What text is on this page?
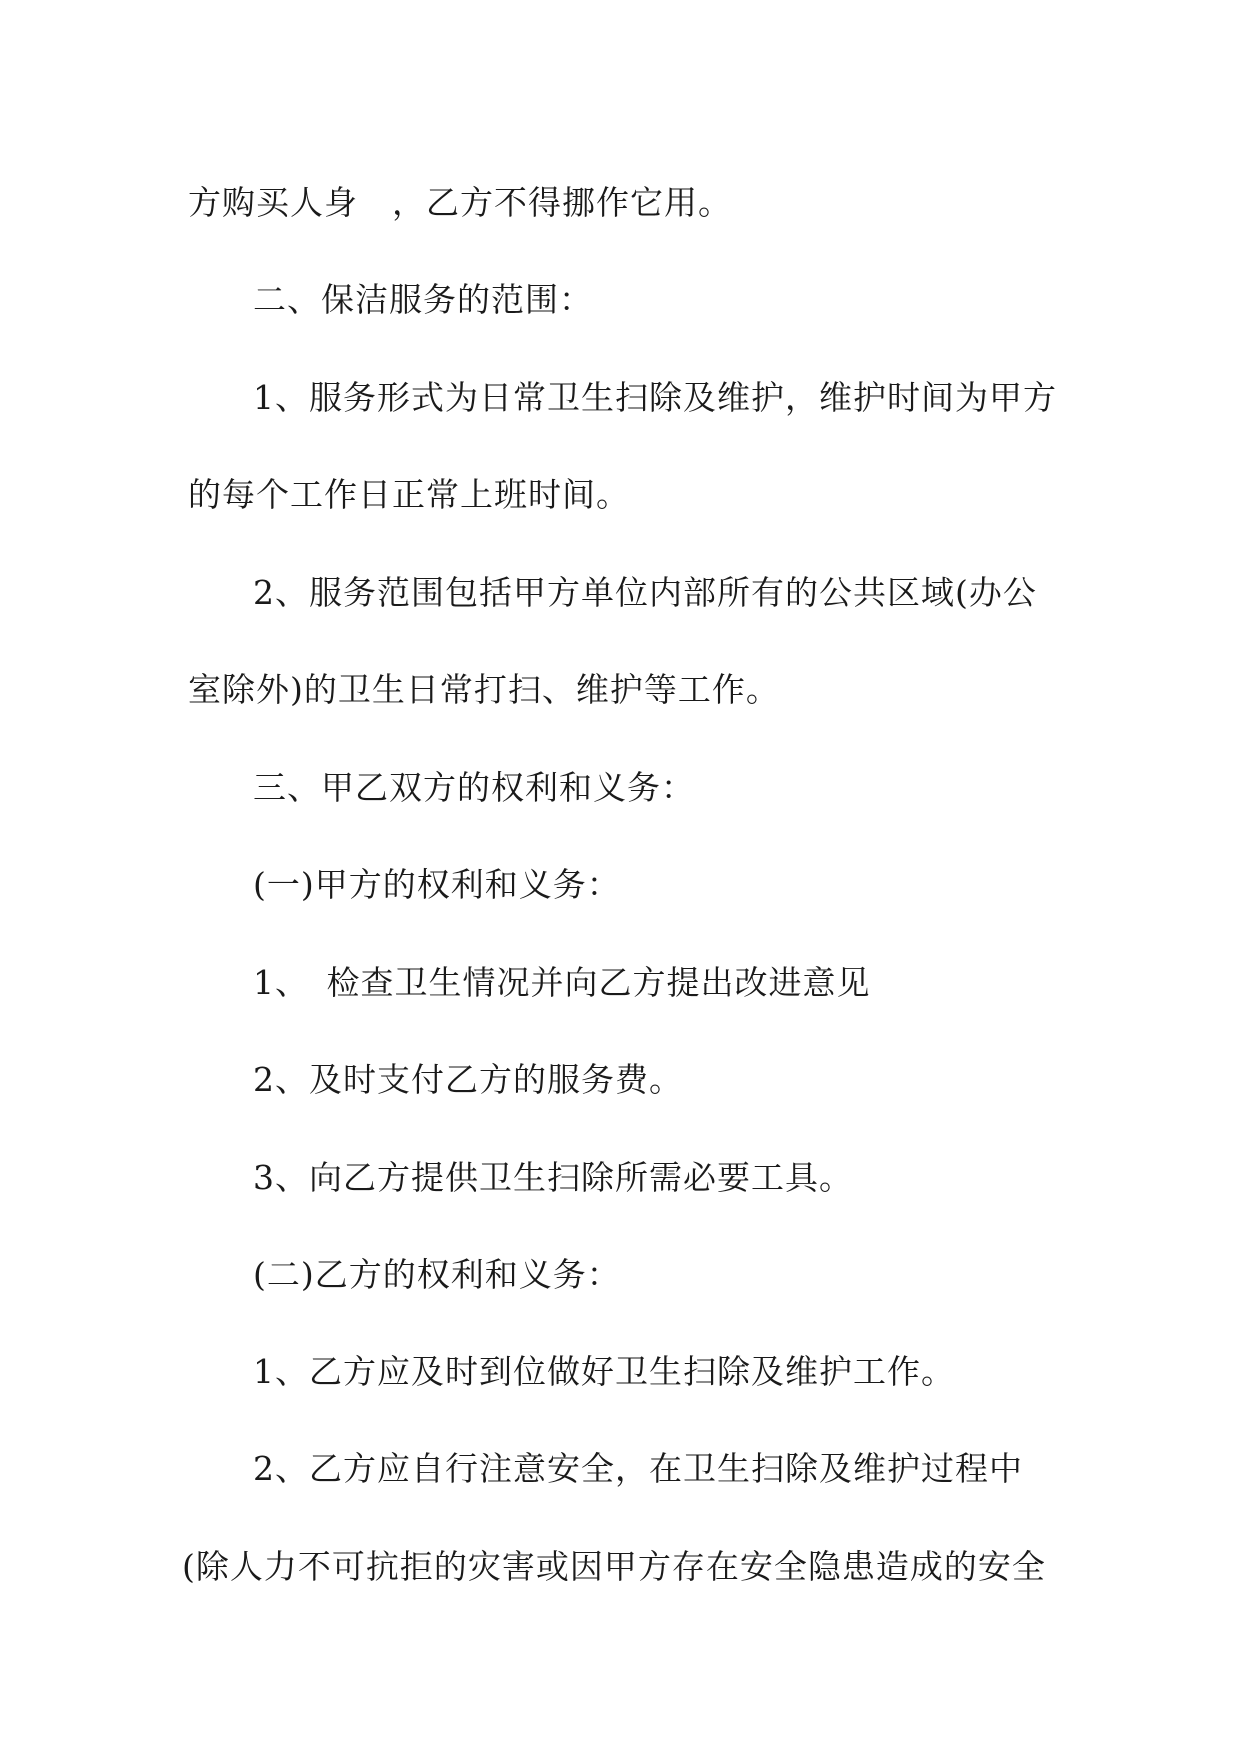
方购买人身　，乙方不得挪作它用。
二、保洁服务的范围：
1、服务形式为日常卫生扫除及维护，维护时间为甲方
的每个工作日正常上班时间。
2、服务范围包括甲方单位内部所有的公共区域(办公
室除外)的卫生日常打扫、维护等工作。
三、甲乙双方的权利和义务：
(一)甲方的权利和义务：
1、　检查卫生情况并向乙方提出改进意见
2、及时支付乙方的服务费。
3、向乙方提供卫生扫除所需必要工具。
(二)乙方的权利和义务：
1、乙方应及时到位做好卫生扫除及维护工作。
2、乙方应自行注意安全，在卫生扫除及维护过程中
(除人力不可抗拒的灾害或因甲方存在安全隐患造成的安全
